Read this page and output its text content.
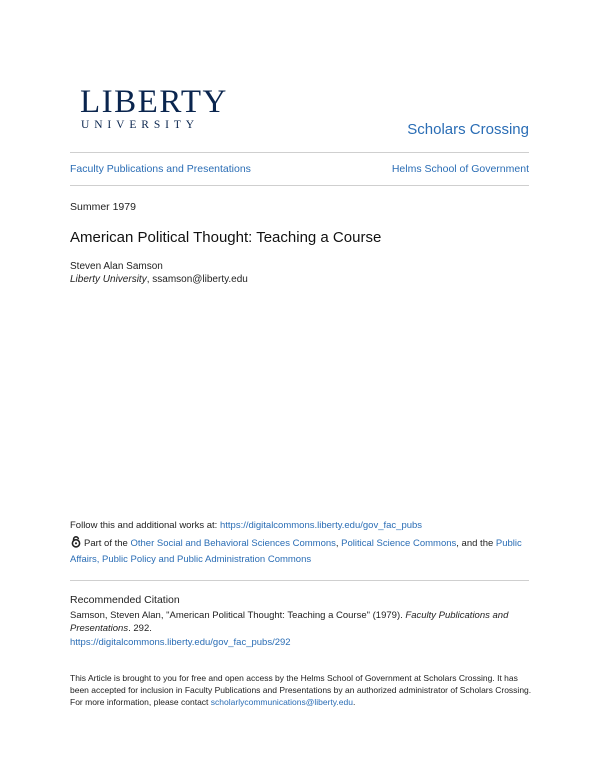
LIBERTY
UNIVERSITY	Scholars Crossing
Faculty Publications and Presentations	Helms School of Government
Summer 1979
American Political Thought: Teaching a Course
Steven Alan Samson
Liberty University, ssamson@liberty.edu
Follow this and additional works at: https://digitalcommons.liberty.edu/gov_fac_pubs
Part of the Other Social and Behavioral Sciences Commons, Political Science Commons, and the Public Affairs, Public Policy and Public Administration Commons
Recommended Citation
Samson, Steven Alan, "American Political Thought: Teaching a Course" (1979). Faculty Publications and Presentations. 292.
https://digitalcommons.liberty.edu/gov_fac_pubs/292
This Article is brought to you for free and open access by the Helms School of Government at Scholars Crossing. It has been accepted for inclusion in Faculty Publications and Presentations by an authorized administrator of Scholars Crossing. For more information, please contact scholarlycommunications@liberty.edu.
